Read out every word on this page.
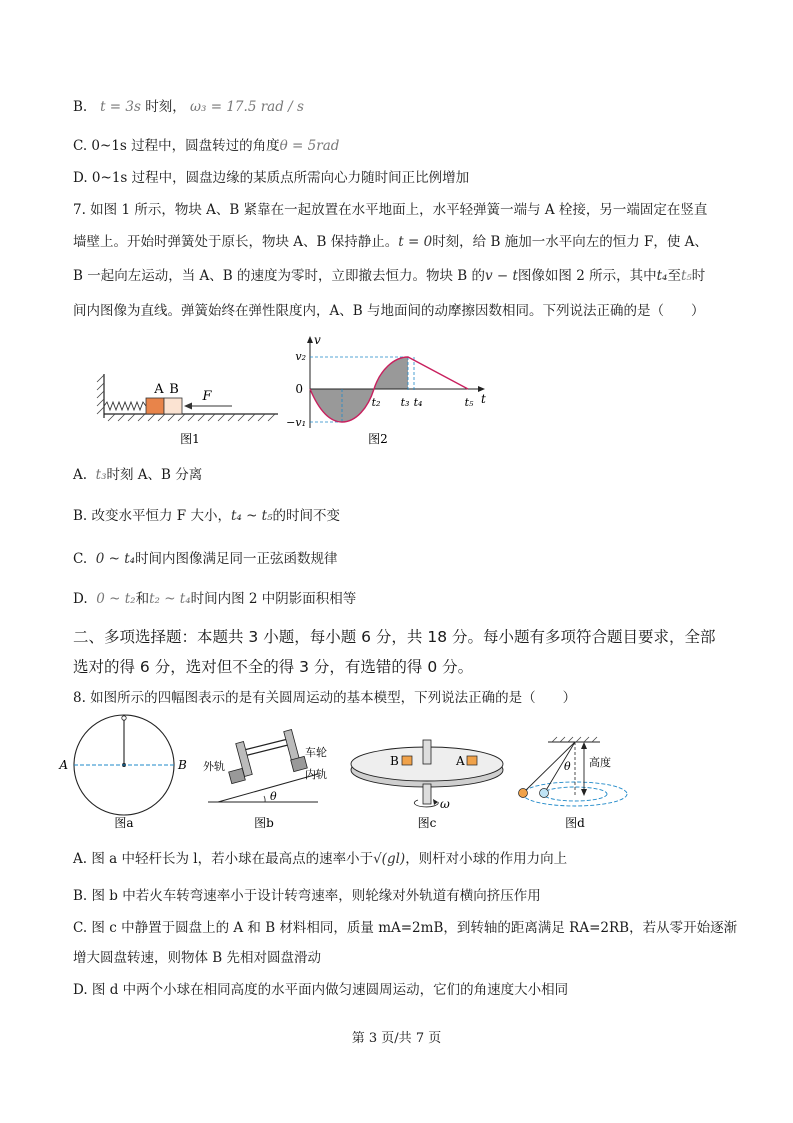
B. t = 3s 时刻， ω₃ = 17.5 rad / s
C. 0~1s 过程中，圆盘转过的角度θ = 5rad
D. 0~1s 过程中，圆盘边缘的某质点所需向心力随时间正比例增加
7. 如图 1 所示，物块 A、B 紧靠在一起放置在水平地面上，水平轻弹簧一端与 A 栓接，另一端固定在竖直
墙壁上。开始时弹簧处于原长，物块 A、B 保持静止。t = 0时刻，给 B 施加一水平向左的恒力 F，使 A、
B 一起向左运动，当 A、B 的速度为零时，立即撤去恒力。物块 B 的v − t图像如图 2 所示，其中t₄至t₅时
间内图像为直线。弹簧始终在弹性限度内，A、B 与地面间的动摩擦因数相同。下列说法正确的是（　　）
A B F
图1
v
t
v₂
0
−v₁
t₂ t₃ t₄	t₅
图2
A. t₃时刻 A、B 分离
B. 改变水平恒力 F 大小，t₄ ~ t₅的时间不变
C. 0 ~ t₄时间内图像满足同一正弦函数规律
D. 0 ~ t₂和t₂ ~ t₄时间内图 2 中阴影面积相等
二、多项选择题：本题共 3 小题，每小题 6 分，共 18 分。每小题有多项符合题目要求，全部
选对的得 6 分，选对但不全的得 3 分，有选错的得 0 分。
8. 如图所示的四幅图表示的是有关圆周运动的基本模型，下列说法正确的是（　　）
A	B
图a
θ
外轨
车轮
内轨
图b
B	A
ω
图c
θ 高度
图d
A. 图 a 中轻杆长为 l，若小球在最高点的速率小于√(gl)，则杆对小球的作用力向上
B. 图 b 中若火车转弯速率小于设计转弯速率，则轮缘对外轨道有横向挤压作用
C. 图 c 中静置于圆盘上的 A 和 B 材料相同，质量 mA=2mB，到转轴的距离满足 RA=2RB，若从零开始逐渐
增大圆盘转速，则物体 B 先相对圆盘滑动
D. 图 d 中两个小球在相同高度的水平面内做匀速圆周运动，它们的角速度大小相同
第 3 页/共 7 页
